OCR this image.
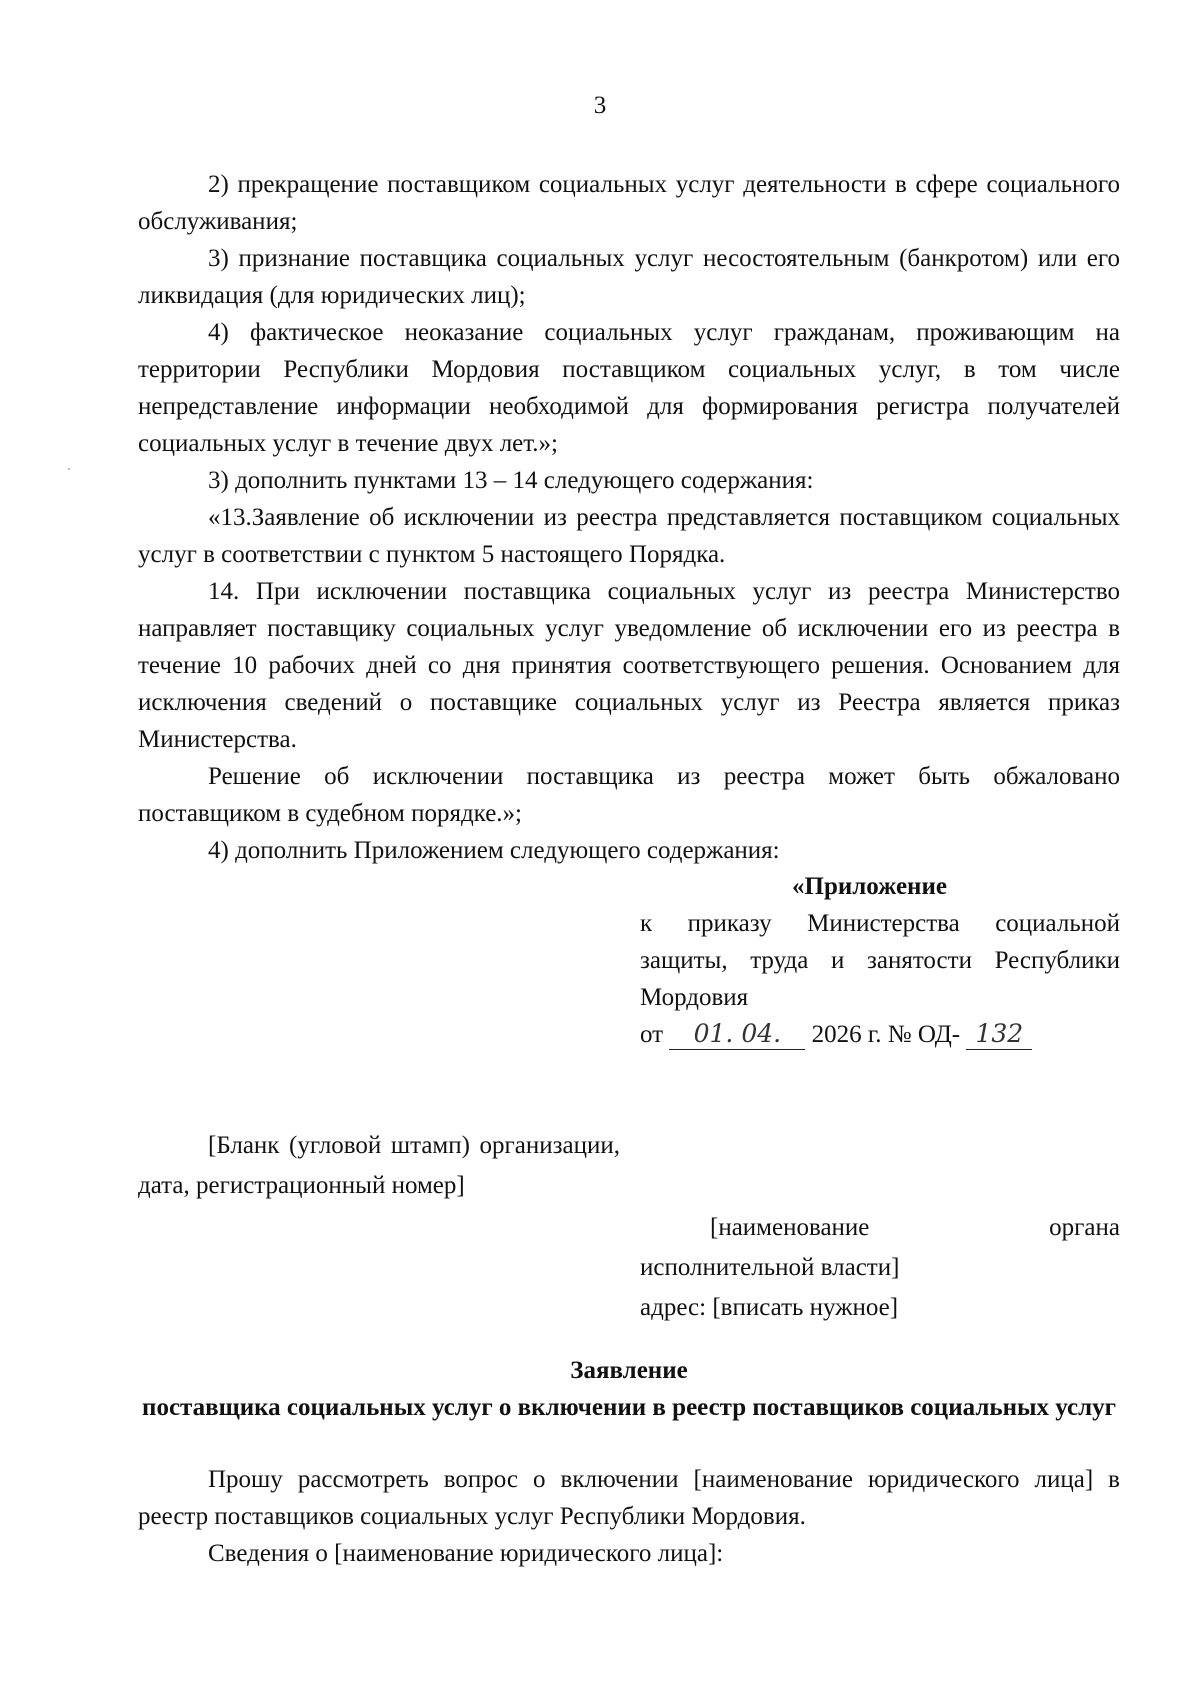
3

2) прекращение поставщиком социальных услуг деятельности в сфере социального обслуживания;

3) признание поставщика социальных услуг несостоятельным (банкротом) или его ликвидация (для юридических лиц);

4) фактическое неоказание социальных услуг гражданам, проживающим на территории Республики Мордовия поставщиком социальных услуг, в том числе непредставление информации необходимой для формирования регистра получателей социальных услуг в течение двух лет.»;

3) дополнить пунктами 13 – 14 следующего содержания:

«13.Заявление об исключении из реестра представляется поставщиком социальных услуг в соответствии с пунктом 5 настоящего Порядка.

14. При исключении поставщика социальных услуг из реестра Министерство направляет поставщику социальных услуг уведомление об исключении его из реестра в течение 10 рабочих дней со дня принятия соответствующего решения. Основанием для исключения сведений о поставщике социальных услуг из Реестра является приказ Министерства.

Решение об исключении поставщика из реестра может быть обжаловано поставщиком в судебном порядке.»;

4) дополнить Приложением следующего содержания:

«Приложение
к приказу Министерства социальной защиты, труда и занятости Республики Мордовия
от 01. 04. 2026 г. № ОД- 132
[Бланк (угловой штамп) организации, дата, регистрационный номер]
[наименование органа исполнительной власти]
адрес: [вписать нужное]
Заявление
поставщика социальных услуг о включении в реестр поставщиков социальных услуг

Прошу рассмотреть вопрос о включении [наименование юридического лица] в реестр поставщиков социальных услуг Республики Мордовия.

Сведения о [наименование юридического лица]:
